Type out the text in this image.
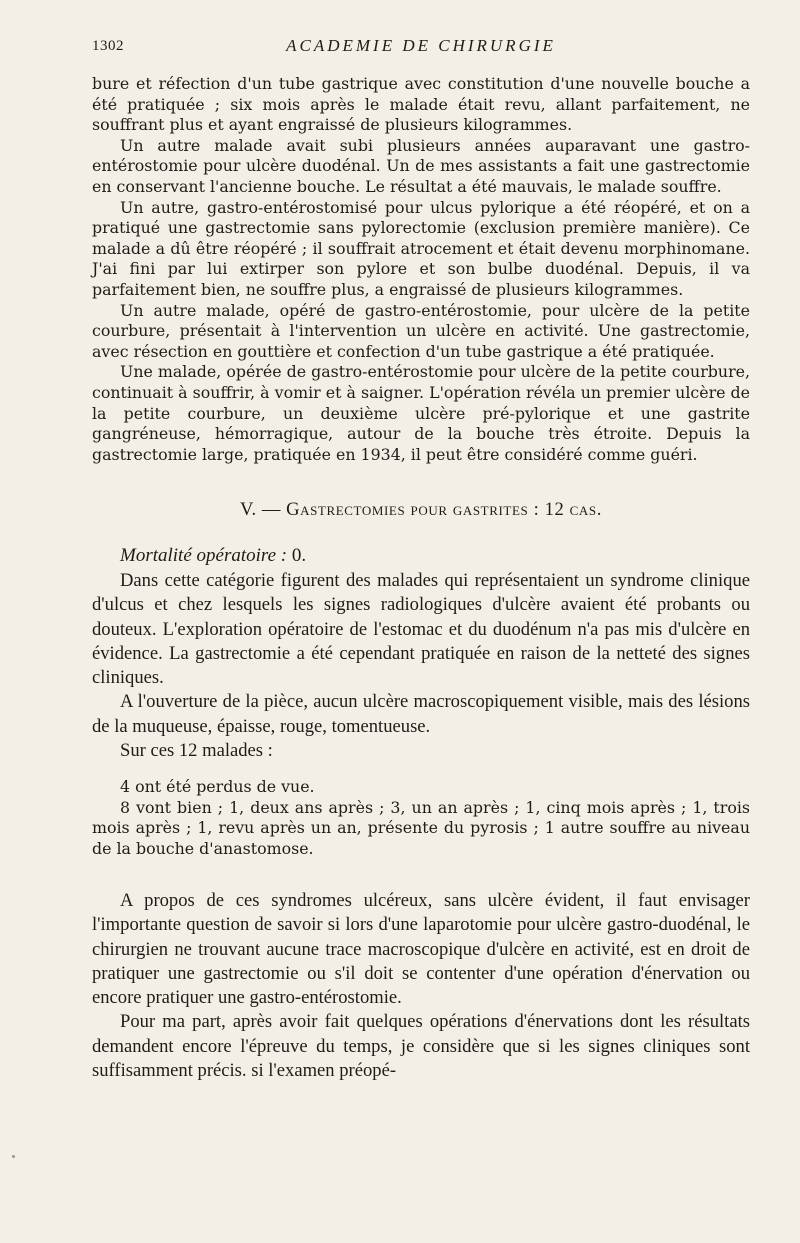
1302	ACADEMIE DE CHIRURGIE

bure et réfection d'un tube gastrique avec constitution d'une nouvelle bouche a été pratiquée ; six mois après le malade était revu, allant parfaitement, ne souffrant plus et ayant engraissé de plusieurs kilogrammes.

Un autre malade avait subi plusieurs années auparavant une gastro-entérostomie pour ulcère duodénal. Un de mes assistants a fait une gastrectomie en conservant l'ancienne bouche. Le résultat a été mauvais, le malade souffre.

Un autre, gastro-entérostomisé pour ulcus pylorique a été réopéré, et on a pratiqué une gastrectomie sans pylorectomie (exclusion première manière). Ce malade a dû être réopéré ; il souffrait atrocement et était devenu morphinomane. J'ai fini par lui extirper son pylore et son bulbe duodénal. Depuis, il va parfaitement bien, ne souffre plus, a engraissé de plusieurs kilogrammes.

Un autre malade, opéré de gastro-entérostomie, pour ulcère de la petite courbure, présentait à l'intervention un ulcère en activité. Une gastrectomie, avec résection en gouttière et confection d'un tube gastrique a été pratiquée.

Une malade, opérée de gastro-entérostomie pour ulcère de la petite courbure, continuait à souffrir, à vomir et à saigner. L'opération révéla un premier ulcère de la petite courbure, un deuxième ulcère pré-pylorique et une gastrite gangréneuse, hémorragique, autour de la bouche très étroite. Depuis la gastrectomie large, pratiquée en 1934, il peut être considéré comme guéri.

V. — Gastrectomies pour gastrites : 12 cas.

Mortalité opératoire : 0.

Dans cette catégorie figurent des malades qui représentaient un syndrome clinique d'ulcus et chez lesquels les signes radiologiques d'ulcère avaient été probants ou douteux. L'exploration opératoire de l'estomac et du duodénum n'a pas mis d'ulcère en évidence. La gastrectomie a été cependant pratiquée en raison de la netteté des signes cliniques.

A l'ouverture de la pièce, aucun ulcère macroscopiquement visible, mais des lésions de la muqueuse, épaisse, rouge, tomentueuse.

Sur ces 12 malades :

4 ont été perdus de vue.

8 vont bien ; 1, deux ans après ; 3, un an après ; 1, cinq mois après ; 1, trois mois après ; 1, revu après un an, présente du pyrosis ; 1 autre souffre au niveau de la bouche d'anastomose.

A propos de ces syndromes ulcéreux, sans ulcère évident, il faut envisager l'importante question de savoir si lors d'une laparotomie pour ulcère gastro-duodénal, le chirurgien ne trouvant aucune trace macroscopique d'ulcère en activité, est en droit de pratiquer une gastrectomie ou s'il doit se contenter d'une opération d'énervation ou encore pratiquer une gastro-entérostomie.

Pour ma part, après avoir fait quelques opérations d'énervations dont les résultats demandent encore l'épreuve du temps, je considère que si les signes cliniques sont suffisamment précis. si l'examen préopé-
